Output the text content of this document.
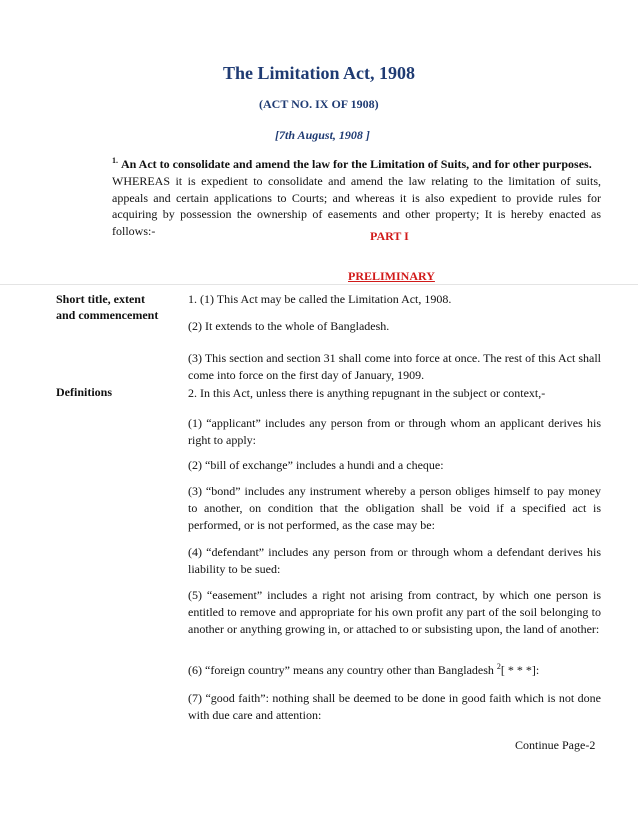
The Limitation Act, 1908
(ACT NO. IX OF 1908)
[7th August, 1908 ]
$^{1.}$ An Act to consolidate and amend the law for the Limitation of Suits, and for other purposes.
WHEREAS it is expedient to consolidate and amend the law relating to the limitation of suits, appeals and certain applications to Courts; and whereas it is also expedient to provide rules for acquiring by possession the ownership of easements and other property; It is hereby enacted as follows:-	PART I
PRELIMINARY
Short title, extent and commencement
Definitions
1. (1) This Act may be called the Limitation Act, 1908.
(2) It extends to the whole of Bangladesh.
(3) This section and section 31 shall come into force at once. The rest of this Act shall come into force on the first day of January, 1909.
2. In this Act, unless there is anything repugnant in the subject or context,-
(1) “applicant” includes any person from or through whom an applicant derives his right to apply:
(2) “bill of exchange” includes a hundi and a cheque:
(3) “bond” includes any instrument whereby a person obliges himself to pay money to another, on condition that the obligation shall be void if a specified act is performed, or is not performed, as the case may be:
(4) “defendant” includes any person from or through whom a defendant derives his liability to be sued:
(5) “easement” includes a right not arising from contract, by which one person is entitled to remove and appropriate for his own profit any part of the soil belonging to another or anything growing in, or attached to or subsisting upon, the land of another:
(6) “foreign country” means any country other than Bangladesh $^2$[ * * *]:
(7) “good faith”: nothing shall be deemed to be done in good faith which is not done with due care and attention:
Continue Page-2
